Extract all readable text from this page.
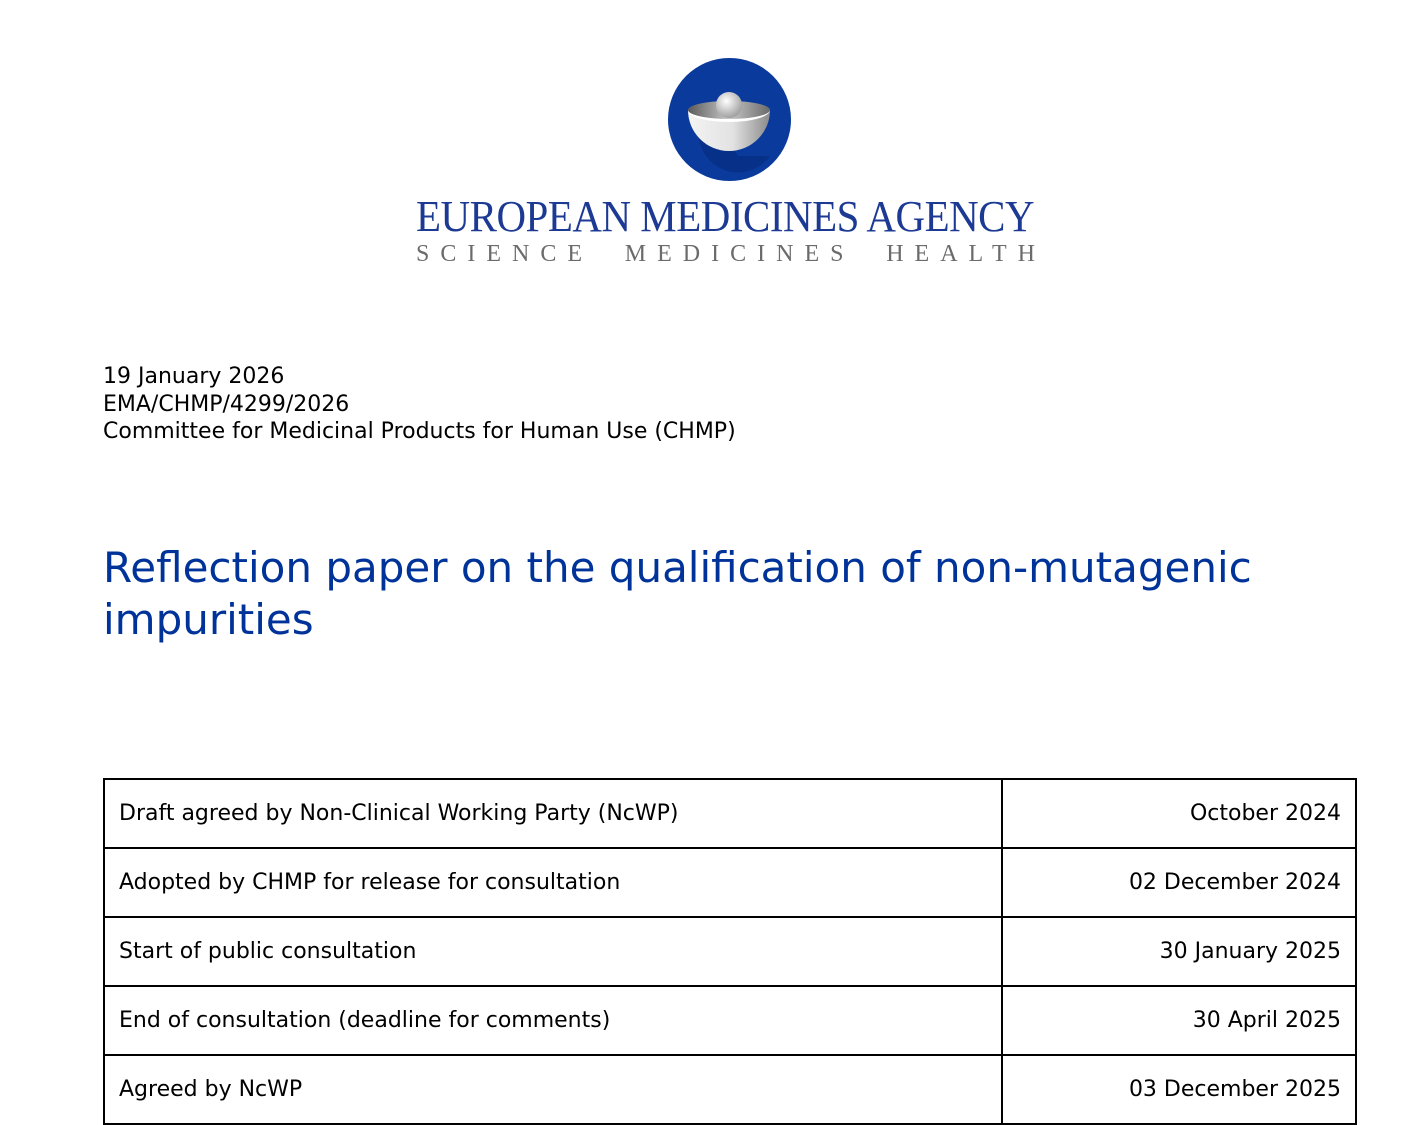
EUROPEAN MEDICINES AGENCY
SCIENCE MEDICINES HEALTH
19 January 2026
EMA/CHMP/4299/2026
Committee for Medicinal Products for Human Use (CHMP)
Reflection paper on the qualification of non-mutagenic impurities
Draft agreed by Non-Clinical Working Party (NcWP)	October 2024
Adopted by CHMP for release for consultation	02 December 2024
Start of public consultation	30 January 2025
End of consultation (deadline for comments)	30 April 2025
Agreed by NcWP	03 December 2025
